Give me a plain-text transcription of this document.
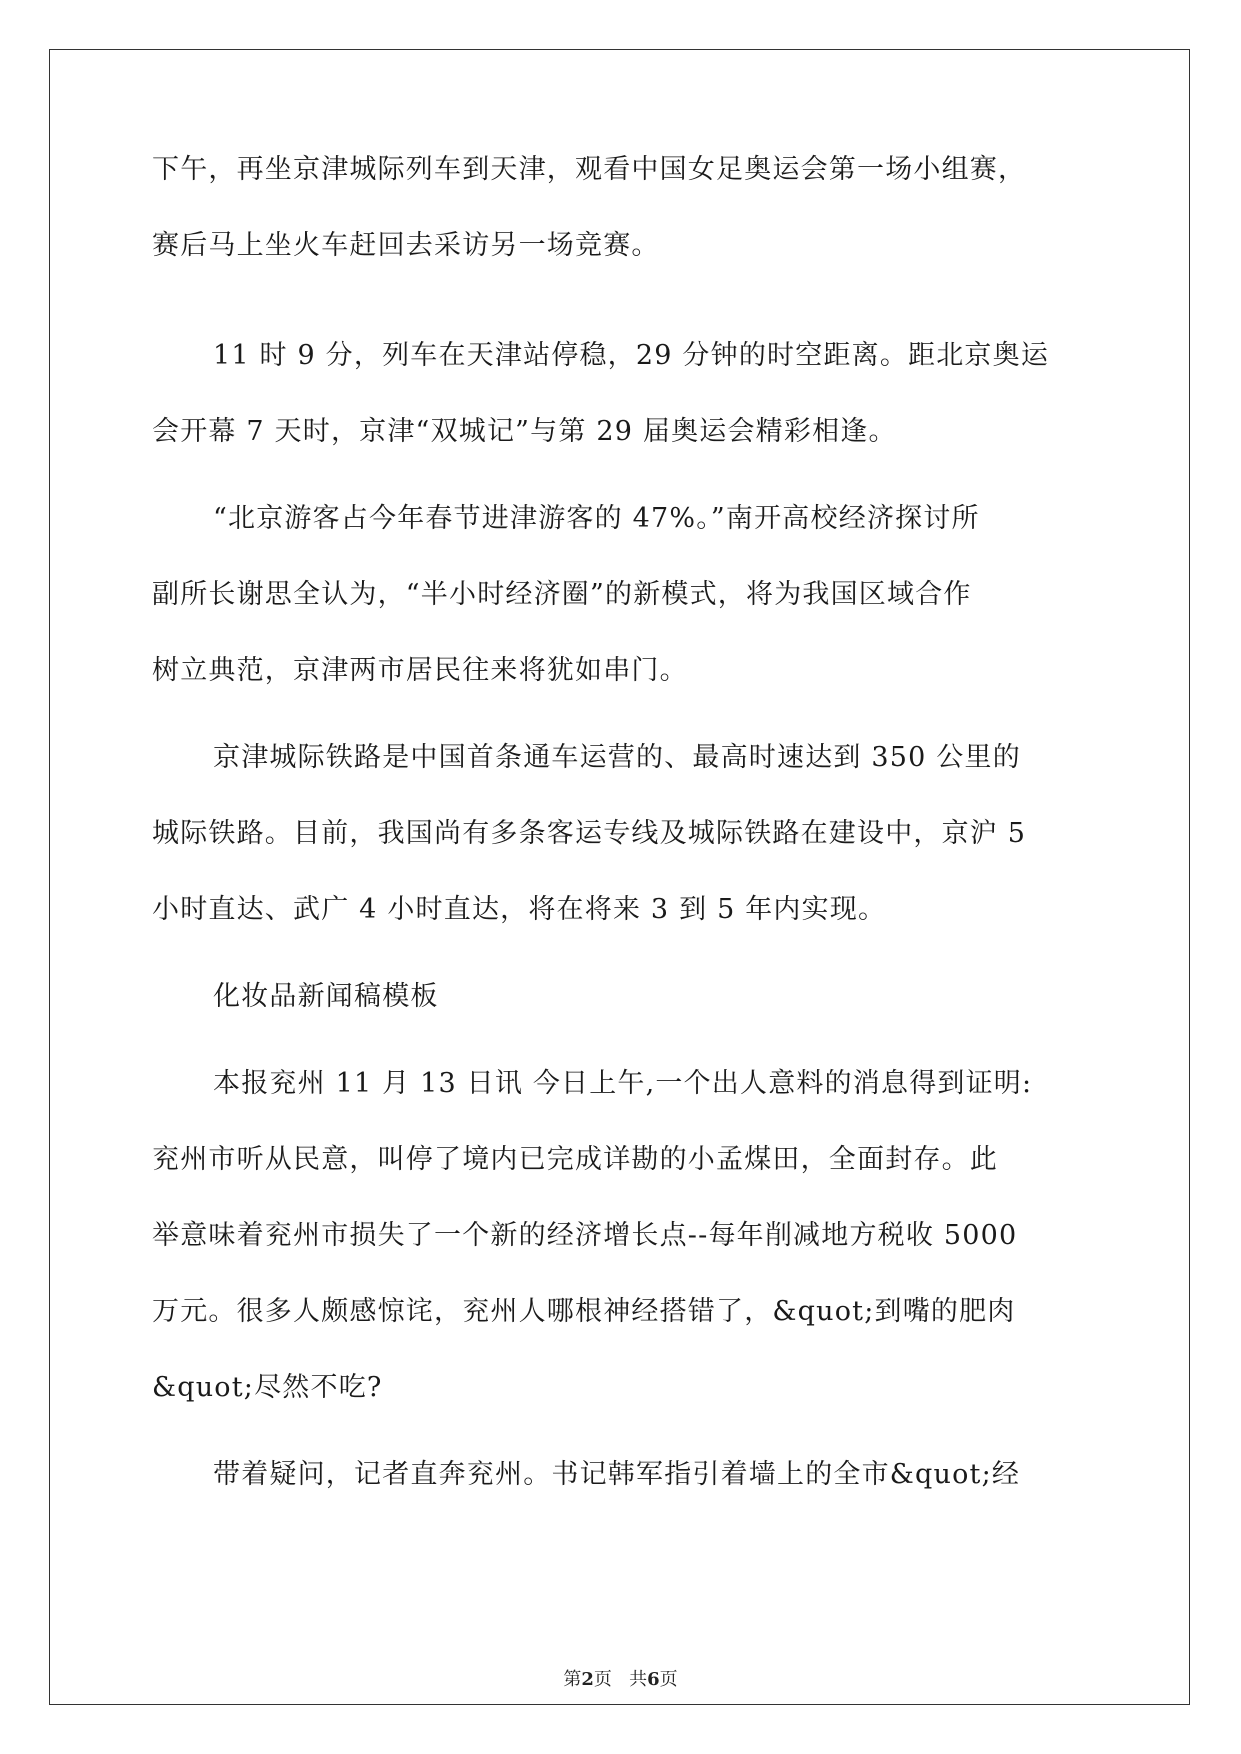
下午，再坐京津城际列车到天津，观看中国女足奥运会第一场小组赛，
赛后马上坐火车赶回去采访另一场竞赛。
11 时 9 分，列车在天津站停稳，29 分钟的时空距离。距北京奥运
会开幕 7 天时，京津“双城记”与第 29 届奥运会精彩相逢。
“北京游客占今年春节进津游客的 47%。”南开高校经济探讨所
副所长谢思全认为，“半小时经济圈”的新模式，将为我国区域合作
树立典范，京津两市居民往来将犹如串门。
京津城际铁路是中国首条通车运营的、最高时速达到 350 公里的
城际铁路。目前，我国尚有多条客运专线及城际铁路在建设中，京沪 5
小时直达、武广 4 小时直达，将在将来 3 到 5 年内实现。
化妆品新闻稿模板
本报兖州 11 月 13 日讯 今日上午,一个出人意料的消息得到证明:
兖州市听从民意，叫停了境内已完成详勘的小孟煤田，全面封存。此
举意味着兖州市损失了一个新的经济增长点--每年削减地方税收 5000
万元。很多人颇感惊诧，兖州人哪根神经搭错了，&quot;到嘴的肥肉
&quot;尽然不吃?
带着疑问，记者直奔兖州。书记韩军指引着墙上的全市&quot;经
第2页 共6页
